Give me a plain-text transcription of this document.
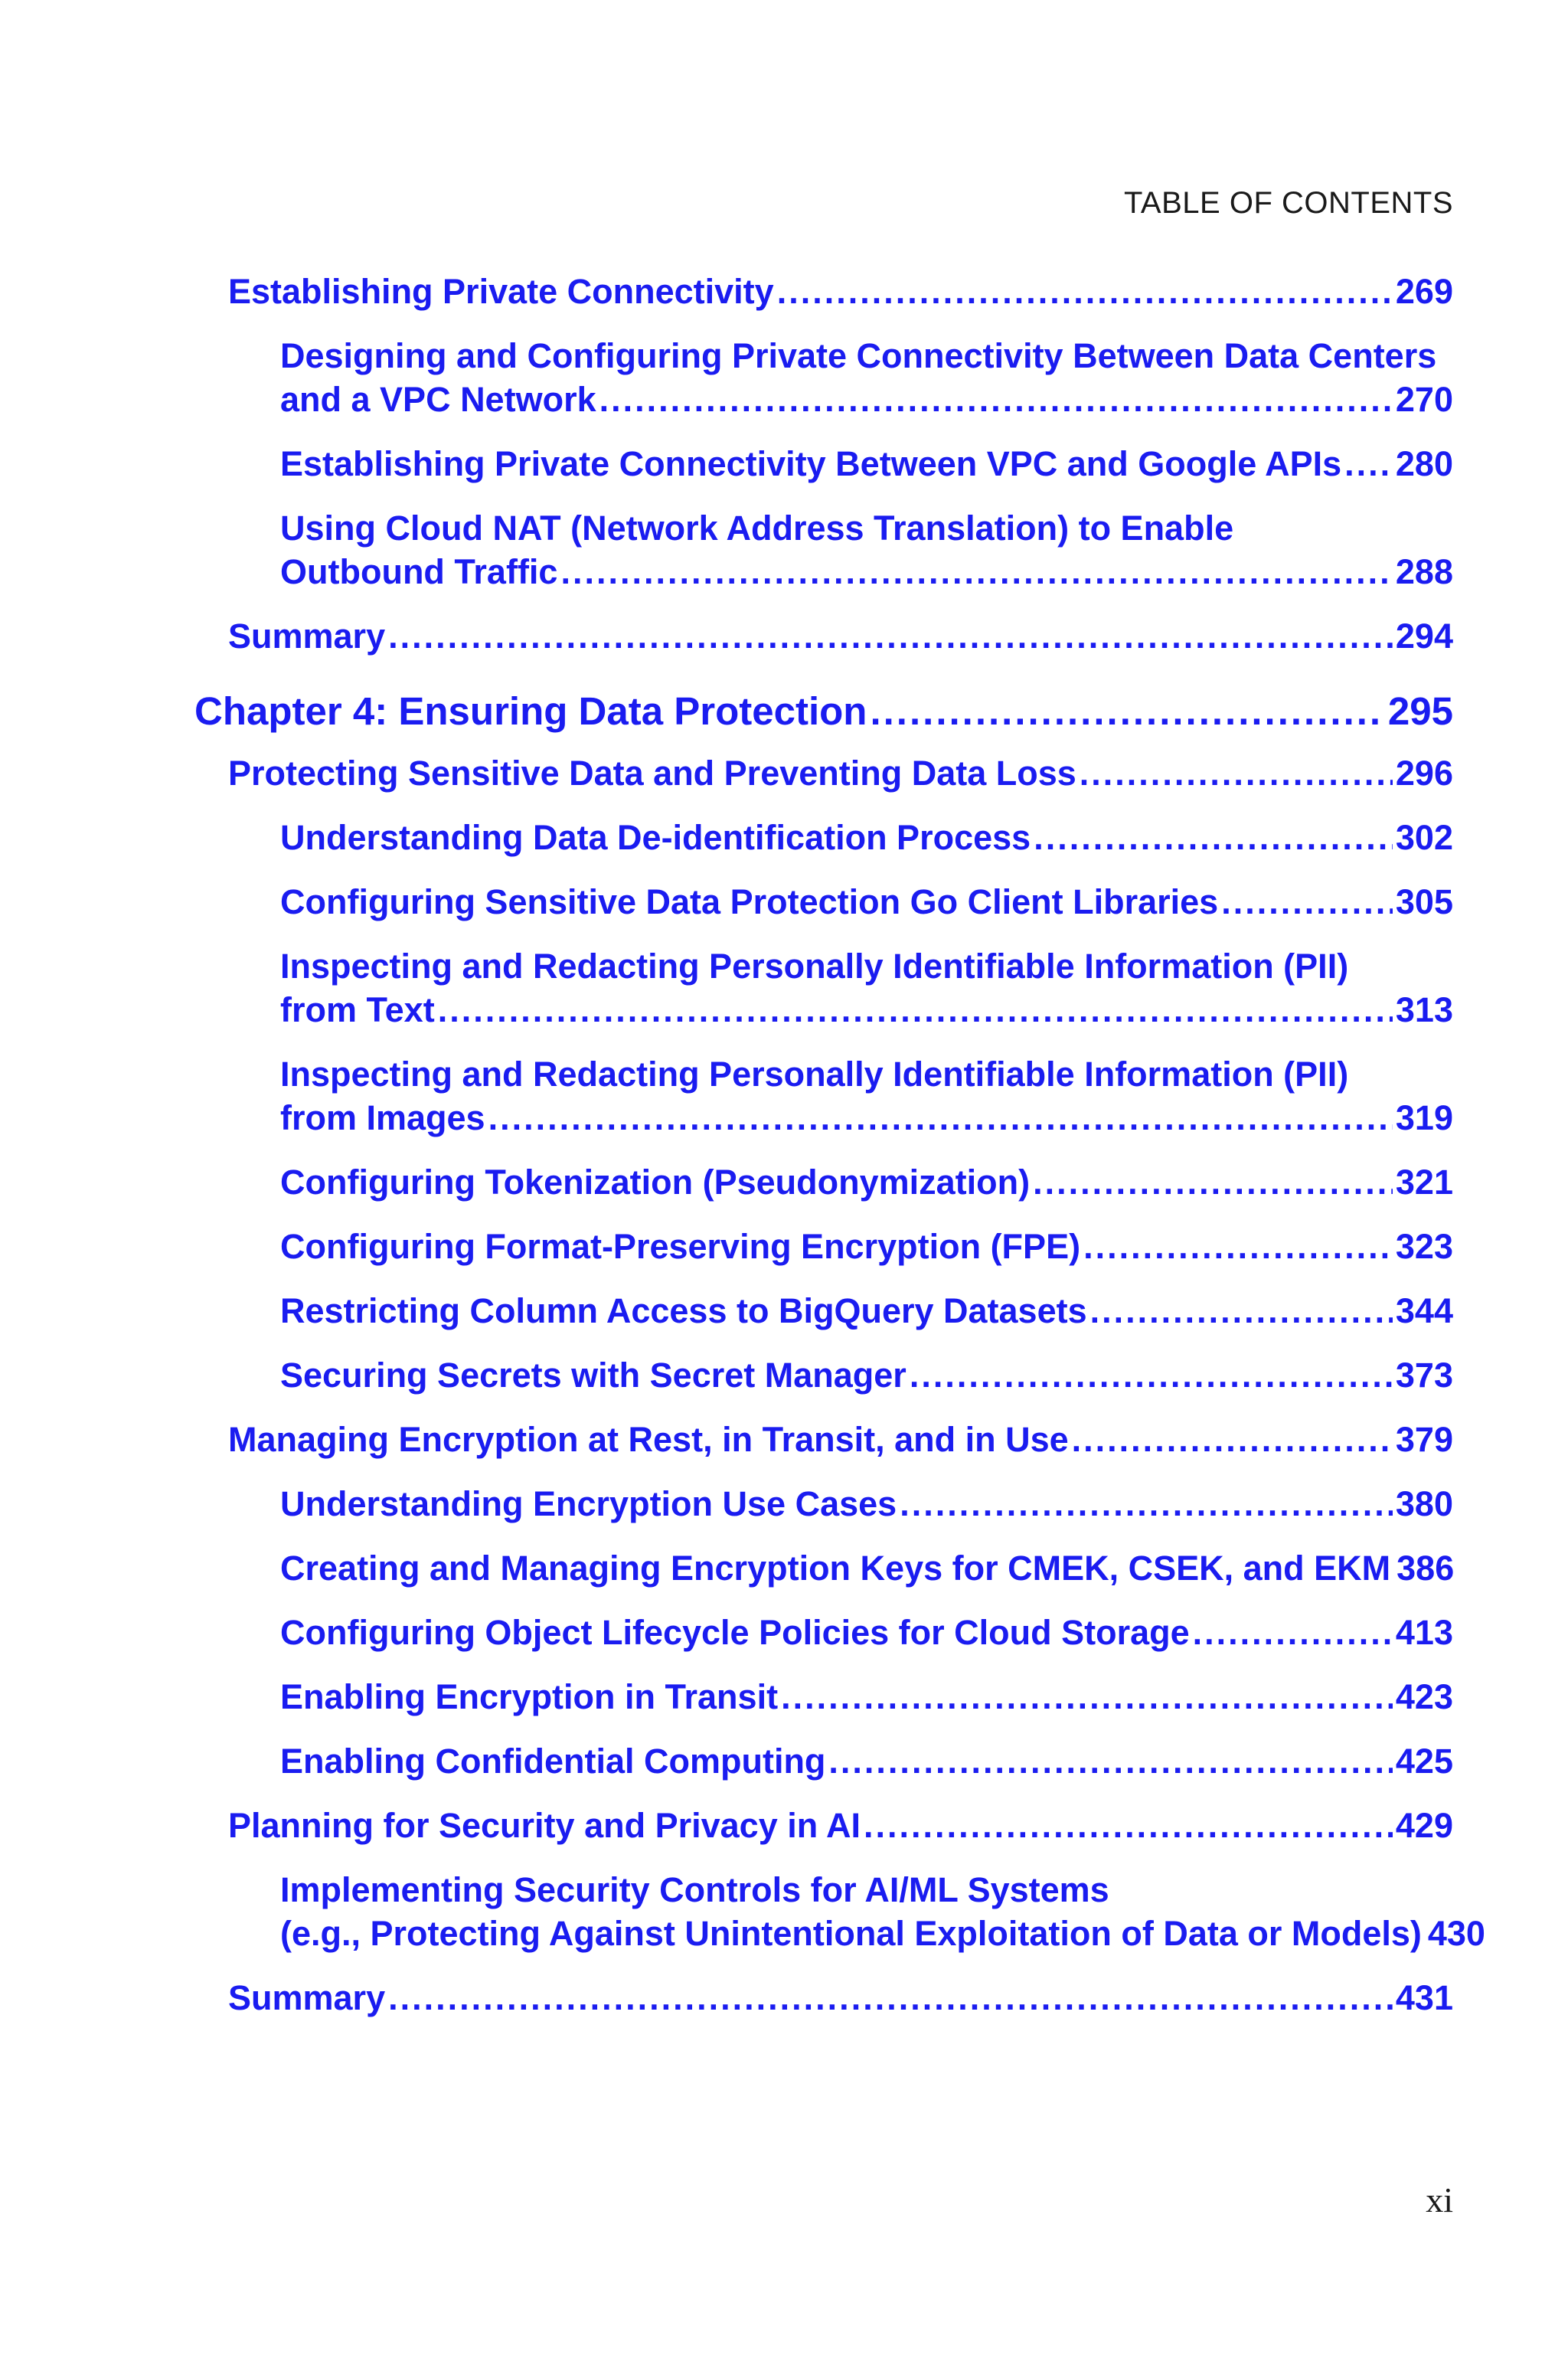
TABLE OF CONTENTS
Establishing Private Connectivity .....	269
Designing and Configuring Private Connectivity Between Data Centers
and a VPC Network .....	270
Establishing Private Connectivity Between VPC and Google APIs ..... 280
Using Cloud NAT (Network Address Translation) to Enable
Outbound Traffic .....	288
Summary .....	294
Chapter 4: Ensuring Data Protection .....	295
Protecting Sensitive Data and Preventing Data Loss .....	296
Understanding Data De-identification Process .....	302
Configuring Sensitive Data Protection Go Client Libraries .....	305
Inspecting and Redacting Personally Identifiable Information (PII)
from Text .....	313
Inspecting and Redacting Personally Identifiable Information (PII)
from Images .....	319
Configuring Tokenization (Pseudonymization) .....	321
Configuring Format-Preserving Encryption (FPE) .....	323
Restricting Column Access to BigQuery Datasets .....	344
Securing Secrets with Secret Manager .....	373
Managing Encryption at Rest, in Transit, and in Use .....	379
Understanding Encryption Use Cases .....	380
Creating and Managing Encryption Keys for CMEK, CSEK, and EKM 386
Configuring Object Lifecycle Policies for Cloud Storage .....	413
Enabling Encryption in Transit .....	423
Enabling Confidential Computing .....	425
Planning for Security and Privacy in AI .....	429
Implementing Security Controls for AI/ML Systems
(e.g., Protecting Against Unintentional Exploitation of Data or Models) 430
Summary .....	431
xi
